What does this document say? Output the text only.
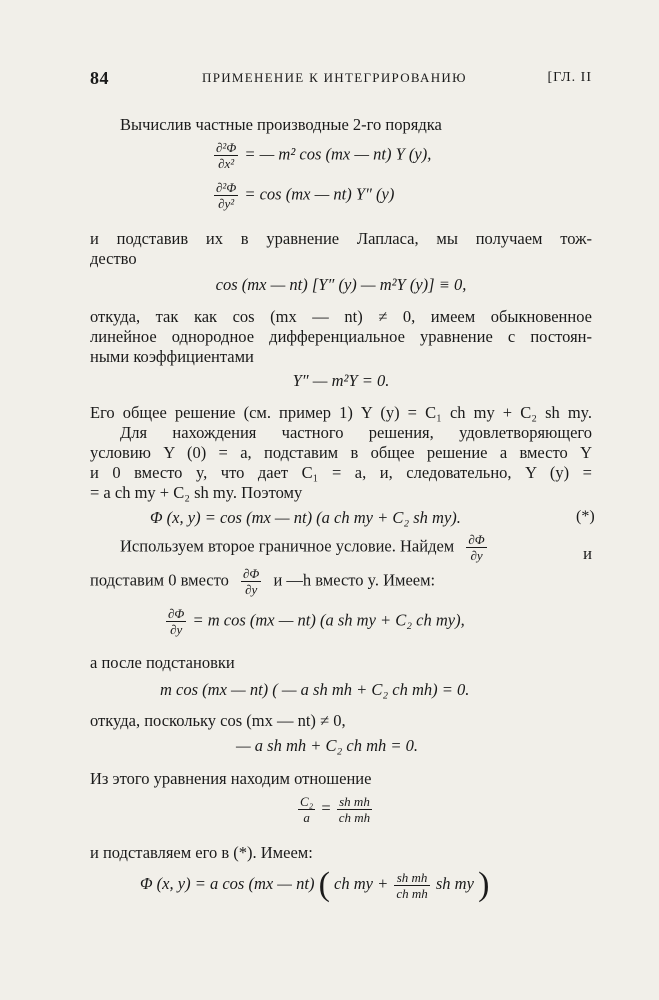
84	ПРИМЕНЕНИЕ К ИНТЕГРИРОВАНИЮ	[ГЛ. II
Вычислив частные производные 2-го порядка
$\frac{\text{∂²Φ}}{\text{∂x²}}$ = — m² cos (mx — nt) Y (y),
$\frac{\text{∂²Φ}}{\text{∂y²}} = \cos (mx$ — nt) Y″ (y)
и подставив их в уравнение Лапласа, мы получаем тож-
дество
cos (mx — nt) [Y″ (y) — m²Y (y)] ≡ 0,
откуда, так как cos (mx — nt) ≠ 0, имеем обыкновенное
линейное однородное дифференциальное уравнение с постоян-
ными коэффициентами
Y″ — m²Y = 0.
Его общее решение (см. пример 1) Y (y) = C₁ ch my + C₂ sh my.
Для нахождения частного решения, удовлетворяющего
условию Y (0) = a, подставим в общее решение a вместо Y
и 0 вместо y, что дает C₁ = a, и, следовательно, Y (y) =
= a ch my + C₂ sh my. Поэтому
Φ (x, y) = cos (mx — nt) (a ch my + C₂ sh my).	(*)
Используем второе граничное условие. Найдем $\frac{\partial\Phi}{\partial y}$	и
подставим 0 вместо $\frac{\partial\Phi}{\partial y}$ и —h вместо y. Имеем:
$\frac{\partial\Phi}{\partial y} = m$ cos (mx — nt) (a sh my + C₂ ch my),
а после подстановки
m cos (mx — nt) ( — a sh mh + C₂ ch mh) = 0.
откуда, поскольку cos (mx — nt) ≠ 0,
— a sh mh + C₂ ch mh = 0.
Из этого уравнения находим отношение
$\frac{\text{C₂}}{a} = \frac{\text{sh mh}}{\text{ch mh}}$
и подставляем его в (*). Имеем:
Φ (x, y) = a cos (mx — nt) ( ch my + $\frac{\text{sh mh}}{\text{ch mh}}$ sh my )
